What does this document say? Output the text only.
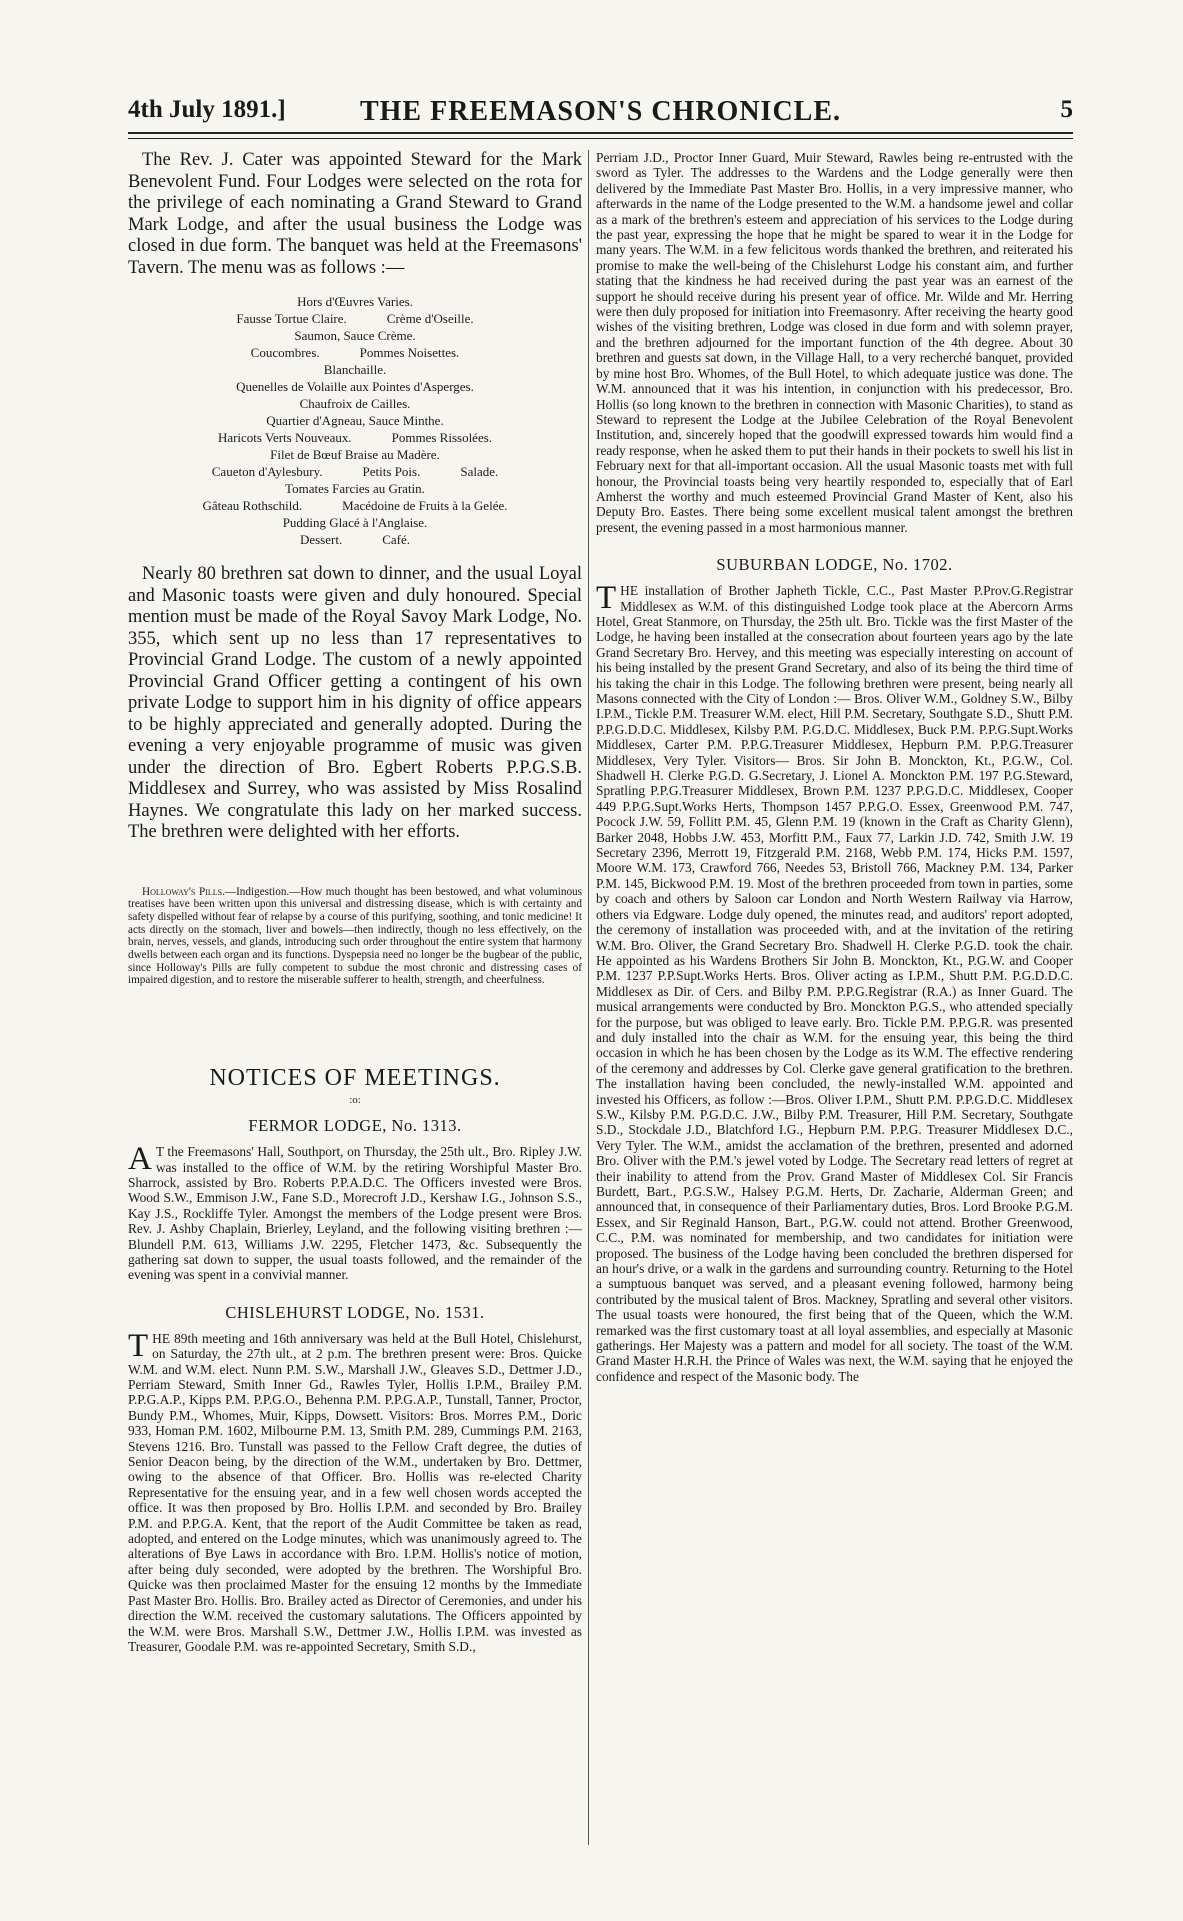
4th July 1891.]	THE FREEMASON'S CHRONICLE.	5

The Rev. J. Cater was appointed Steward for the Mark Benevolent Fund. Four Lodges were selected on the rota for the privilege of each nominating a Grand Steward to Grand Mark Lodge, and after the usual business the Lodge was closed in due form. The banquet was held at the Freemasons' Tavern. The menu was as follows :—

Hors d'Œuvres Varies.
Fausse Tortue Claire.	Crème d'Oseille.
Saumon, Sauce Crème.
Coucombres.	Pommes Noisettes.
Blanchaille.
Quenelles de Volaille aux Pointes d'Asperges.
Chaufroix de Cailles.
Quartier d'Agneau, Sauce Minthe.
Haricots Verts Nouveaux.	Pommes Rissolées.
Filet de Bœuf Braise au Madère.
Caueton d'Aylesbury.	Petits Pois.	Salade.
Tomates Farcies au Gratin.
Gâteau Rothschild.	Macédoine de Fruits à la Gelée.
Pudding Glacé à l'Anglaise.
Dessert.	Café.

Nearly 80 brethren sat down to dinner, and the usual Loyal and Masonic toasts were given and duly honoured. Special mention must be made of the Royal Savoy Mark Lodge, No. 355, which sent up no less than 17 representatives to Provincial Grand Lodge. The custom of a newly appointed Provincial Grand Officer getting a contingent of his own private Lodge to support him in his dignity of office appears to be highly appreciated and generally adopted. During the evening a very enjoyable programme of music was given under the direction of Bro. Egbert Roberts P.P.G.S.B. Middlesex and Surrey, who was assisted by Miss Rosalind Haynes. We congratulate this lady on her marked success. The brethren were delighted with her efforts.

Holloway's Pills.—Indigestion.—How much thought has been bestowed, and what voluminous treatises have been written upon this universal and distressing disease, which is with certainty and safety dispelled without fear of relapse by a course of this purifying, soothing, and tonic medicine! It acts directly on the stomach, liver and bowels—then indirectly, though no less effectively, on the brain, nerves, vessels, and glands, introducing such order throughout the entire system that harmony dwells between each organ and its functions. Dyspepsia need no longer be the bugbear of the public, since Holloway's Pills are fully competent to subdue the most chronic and distressing cases of impaired digestion, and to restore the miserable sufferer to health, strength, and cheerfulness.

NOTICES OF MEETINGS.
:o:
FERMOR LODGE, No. 1313.

A T the Freemasons' Hall, Southport, on Thursday, the 25th ult., Bro. Ripley J.W. was installed to the office of W.M. by the retiring Worshipful Master Bro. Sharrock, assisted by Bro. Roberts P.P.A.D.C. The Officers invested were Bros. Wood S.W., Emmison J.W., Fane S.D., Morecroft J.D., Kershaw I.G., Johnson S.S., Kay J.S., Rockliffe Tyler. Amongst the members of the Lodge present were Bros. Rev. J. Ashby Chaplain, Brierley, Leyland, and the following visiting brethren :—Blundell P.M. 613, Williams J.W. 2295, Fletcher 1473, &c. Subsequently the gathering sat down to supper, the usual toasts followed, and the remainder of the evening was spent in a convivial manner.

CHISLEHURST LODGE, No. 1531.

THE 89th meeting and 16th anniversary was held at the Bull Hotel, Chislehurst, on Saturday, the 27th ult., at 2 p.m. The brethren present were: Bros. Quicke W.M. and W.M. elect. Nunn P.M. S.W., Marshall J.W., Gleaves S.D., Dettmer J.D., Perriam Steward, Smith Inner Gd., Rawles Tyler, Hollis I.P.M., Brailey P.M. P.P.G.A.P., Kipps P.M. P.P.G.O., Behenna P.M. P.P.G.A.P., Tunstall, Tanner, Proctor, Bundy P.M., Whomes, Muir, Kipps, Dowsett. Visitors: Bros. Morres P.M., Doric 933, Homan P.M. 1602, Milbourne P.M. 13, Smith P.M. 289, Cummings P.M. 2163, Stevens 1216. Bro. Tunstall was passed to the Fellow Craft degree, the duties of Senior Deacon being, by the direction of the W.M., undertaken by Bro. Dettmer, owing to the absence of that Officer. Bro. Hollis was re-elected Charity Representative for the ensuing year, and in a few well chosen words accepted the office. It was then proposed by Bro. Hollis I.P.M. and seconded by Bro. Brailey P.M. and P.P.G.A. Kent, that the report of the Audit Committee be taken as read, adopted, and entered on the Lodge minutes, which was unanimously agreed to. The alterations of Bye Laws in accordance with Bro. I.P.M. Hollis's notice of motion, after being duly seconded, were adopted by the brethren. The Worshipful Bro. Quicke was then proclaimed Master for the ensuing 12 months by the Immediate Past Master Bro. Hollis. Bro. Brailey acted as Director of Ceremonies, and under his direction the W.M. received the customary salutations. The Officers appointed by the W.M. were Bros. Marshall S.W., Dettmer J.W., Hollis I.P.M. was invested as Treasurer, Goodale P.M. was re-appointed Secretary, Smith S.D.,

Perriam J.D., Proctor Inner Guard, Muir Steward, Rawles being re-entrusted with the sword as Tyler. The addresses to the Wardens and the Lodge generally were then delivered by the Immediate Past Master Bro. Hollis, in a very impressive manner, who afterwards in the name of the Lodge presented to the W.M. a handsome jewel and collar as a mark of the brethren's esteem and appreciation of his services to the Lodge during the past year, expressing the hope that he might be spared to wear it in the Lodge for many years. The W.M. in a few felicitous words thanked the brethren, and reiterated his promise to make the well-being of the Chislehurst Lodge his constant aim, and further stating that the kindness he had received during the past year was an earnest of the support he should receive during his present year of office. Mr. Wilde and Mr. Herring were then duly proposed for initiation into Freemasonry. After receiving the hearty good wishes of the visiting brethren, Lodge was closed in due form and with solemn prayer, and the brethren adjourned for the important function of the 4th degree. About 30 brethren and guests sat down, in the Village Hall, to a very recherché banquet, provided by mine host Bro. Whomes, of the Bull Hotel, to which adequate justice was done. The W.M. announced that it was his intention, in conjunction with his predecessor, Bro. Hollis (so long known to the brethren in connection with Masonic Charities), to stand as Steward to represent the Lodge at the Jubilee Celebration of the Royal Benevolent Institution, and, sincerely hoped that the goodwill expressed towards him would find a ready response, when he asked them to put their hands in their pockets to swell his list in February next for that all-important occasion. All the usual Masonic toasts met with full honour, the Provincial toasts being very heartily responded to, especially that of Earl Amherst the worthy and much esteemed Provincial Grand Master of Kent, also his Deputy Bro. Eastes. There being some excellent musical talent amongst the brethren present, the evening passed in a most harmonious manner.

SUBURBAN LODGE, No. 1702.

THE installation of Brother Japheth Tickle, C.C., Past Master P.Prov.G.Registrar Middlesex as W.M. of this distinguished Lodge took place at the Abercorn Arms Hotel, Great Stanmore, on Thursday, the 25th ult. Bro. Tickle was the first Master of the Lodge, he having been installed at the consecration about fourteen years ago by the late Grand Secretary Bro. Hervey, and this meeting was especially interesting on account of his being installed by the present Grand Secretary, and also of its being the third time of his taking the chair in this Lodge. The following brethren were present, being nearly all Masons connected with the City of London :— Bros. Oliver W.M., Goldney S.W., Bilby I.P.M., Tickle P.M. Treasurer W.M. elect, Hill P.M. Secretary, Southgate S.D., Shutt P.M. P.P.G.D.D.C. Middlesex, Kilsby P.M. P.G.D.C. Middlesex, Buck P.M. P.P.G.Supt.Works Middlesex, Carter P.M. P.P.G.Treasurer Middlesex, Hepburn P.M. P.P.G.Treasurer Middlesex, Very Tyler. Visitors— Bros. Sir John B. Monckton, Kt., P.G.W., Col. Shadwell H. Clerke P.G.D. G.Secretary, J. Lionel A. Monckton P.M. 197 P.G.Steward, Spratling P.P.G.Treasurer Middlesex, Brown P.M. 1237 P.P.G.D.C. Middlesex, Cooper 449 P.P.G.Supt.Works Herts, Thompson 1457 P.P.G.O. Essex, Greenwood P.M. 747, Pocock J.W. 59, Follitt P.M. 45, Glenn P.M. 19 (known in the Craft as Charity Glenn), Barker 2048, Hobbs J.W. 453, Morfitt P.M., Faux 77, Larkin J.D. 742, Smith J.W. 19 Secretary 2396, Merrott 19, Fitzgerald P.M. 2168, Webb P.M. 174, Hicks P.M. 1597, Moore W.M. 173, Crawford 766, Needes 53, Bristoll 766, Mackney P.M. 134, Parker P.M. 145, Bickwood P.M. 19. Most of the brethren proceeded from town in parties, some by coach and others by Saloon car London and North Western Railway via Harrow, others via Edgware. Lodge duly opened, the minutes read, and auditors' report adopted, the ceremony of installation was proceeded with, and at the invitation of the retiring W.M. Bro. Oliver, the Grand Secretary Bro. Shadwell H. Clerke P.G.D. took the chair. He appointed as his Wardens Brothers Sir John B. Monckton, Kt., P.G.W. and Cooper P.M. 1237 P.P.Supt.Works Herts. Bros. Oliver acting as I.P.M., Shutt P.M. P.G.D.D.C. Middlesex as Dir. of Cers. and Bilby P.M. P.P.G.Registrar (R.A.) as Inner Guard. The musical arrangements were conducted by Bro. Monckton P.G.S., who attended specially for the purpose, but was obliged to leave early. Bro. Tickle P.M. P.P.G.R. was presented and duly installed into the chair as W.M. for the ensuing year, this being the third occasion in which he has been chosen by the Lodge as its W.M. The effective rendering of the ceremony and addresses by Col. Clerke gave general gratification to the brethren. The installation having been concluded, the newly-installed W.M. appointed and invested his Officers, as follow :—Bros. Oliver I.P.M., Shutt P.M. P.P.G.D.C. Middlesex S.W., Kilsby P.M. P.G.D.C. J.W., Bilby P.M. Treasurer, Hill P.M. Secretary, Southgate S.D., Stockdale J.D., Blatchford I.G., Hepburn P.M. P.P.G. Treasurer Middlesex D.C., Very Tyler. The W.M., amidst the acclamation of the brethren, presented and adorned Bro. Oliver with the P.M.'s jewel voted by Lodge. The Secretary read letters of regret at their inability to attend from the Prov. Grand Master of Middlesex Col. Sir Francis Burdett, Bart., P.G.S.W., Halsey P.G.M. Herts, Dr. Zacharie, Alderman Green; and announced that, in consequence of their Parliamentary duties, Bros. Lord Brooke P.G.M. Essex, and Sir Reginald Hanson, Bart., P.G.W. could not attend. Brother Greenwood, C.C., P.M. was nominated for membership, and two candidates for initiation were proposed. The business of the Lodge having been concluded the brethren dispersed for an hour's drive, or a walk in the gardens and surrounding country. Returning to the Hotel a sumptuous banquet was served, and a pleasant evening followed, harmony being contributed by the musical talent of Bros. Mackney, Spratling and several other visitors. The usual toasts were honoured, the first being that of the Queen, which the W.M. remarked was the first customary toast at all loyal assemblies, and especially at Masonic gatherings. Her Majesty was a pattern and model for all society. The toast of the W.M. Grand Master H.R.H. the Prince of Wales was next, the W.M. saying that he enjoyed the confidence and respect of the Masonic body. The
